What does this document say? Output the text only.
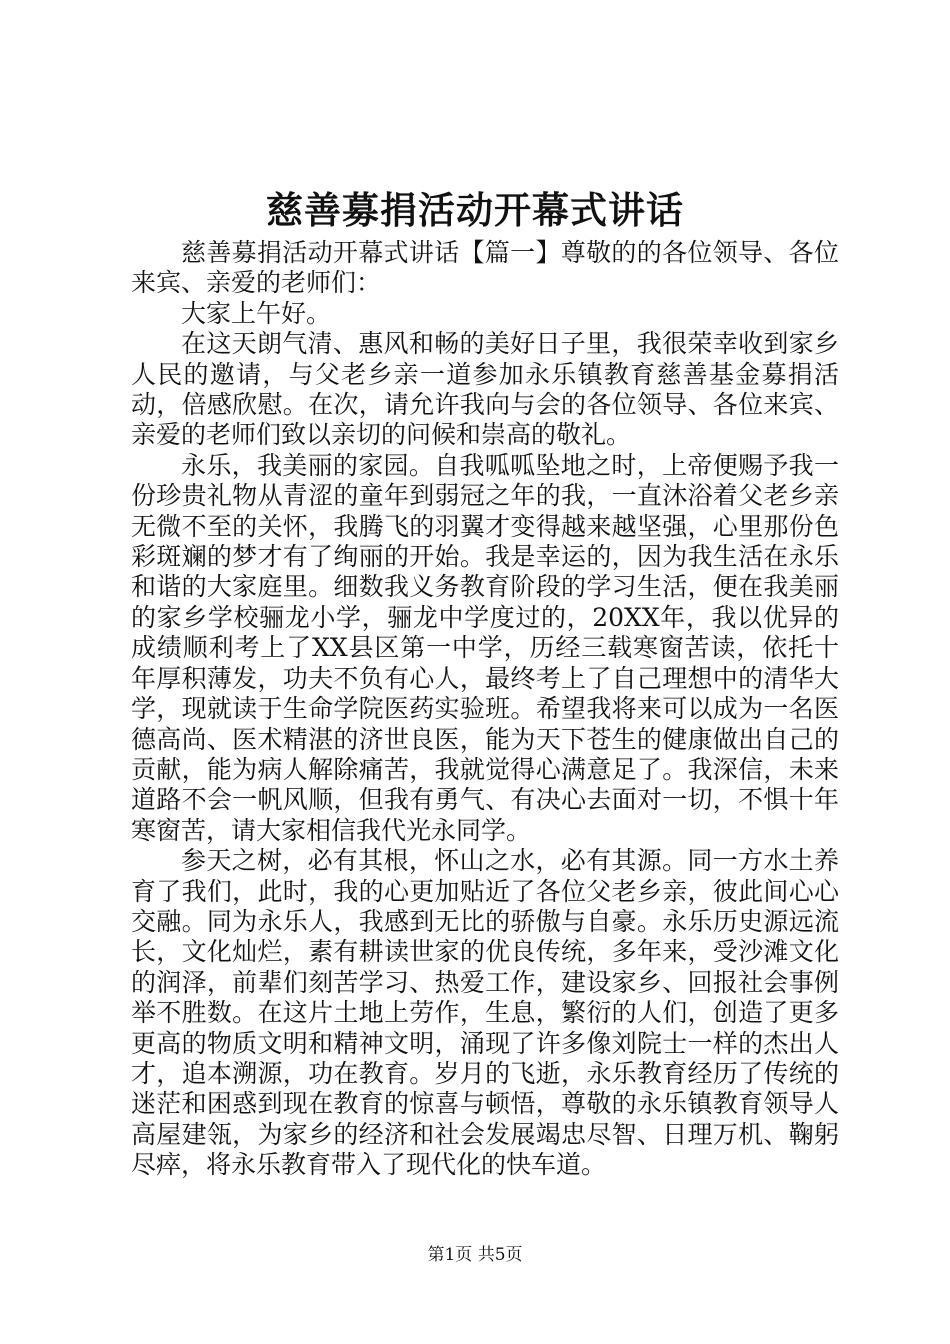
慈善募捐活动开幕式讲话

慈善募捐活动开幕式讲话【篇一】尊敬的的各位领导、各位来宾、亲爱的老师们：

大家上午好。

在这天朗气清、惠风和畅的美好日子里，我很荣幸收到家乡人民的邀请，与父老乡亲一道参加永乐镇教育慈善基金募捐活动，倍感欣慰。在次，请允许我向与会的各位领导、各位来宾、亲爱的老师们致以亲切的问候和崇高的敬礼。

永乐，我美丽的家园。自我呱呱坠地之时，上帝便赐予我一份珍贵礼物从青涩的童年到弱冠之年的我，一直沐浴着父老乡亲无微不至的关怀，我腾飞的羽翼才变得越来越坚强，心里那份色彩斑斓的梦才有了绚丽的开始。我是幸运的，因为我生活在永乐和谐的大家庭里。细数我义务教育阶段的学习生活，便在我美丽的家乡学校骊龙小学，骊龙中学度过的，20XX年，我以优异的成绩顺利考上了XX县区第一中学，历经三载寒窗苦读，依托十年厚积薄发，功夫不负有心人，最终考上了自己理想中的清华大学，现就读于生命学院医药实验班。希望我将来可以成为一名医德高尚、医术精湛的济世良医，能为天下苍生的健康做出自己的贡献，能为病人解除痛苦，我就觉得心满意足了。我深信，未来道路不会一帆风顺，但我有勇气、有决心去面对一切，不惧十年寒窗苦，请大家相信我代光永同学。

参天之树，必有其根，怀山之水，必有其源。同一方水土养育了我们，此时，我的心更加贴近了各位父老乡亲，彼此间心心交融。同为永乐人，我感到无比的骄傲与自豪。永乐历史源远流长，文化灿烂，素有耕读世家的优良传统，多年来，受沙滩文化的润泽，前辈们刻苦学习、热爱工作，建设家乡、回报社会事例举不胜数。在这片土地上劳作，生息，繁衍的人们，创造了更多更高的物质文明和精神文明，涌现了许多像刘院士一样的杰出人才，追本溯源，功在教育。岁月的飞逝，永乐教育经历了传统的迷茫和困惑到现在教育的惊喜与顿悟，尊敬的永乐镇教育领导人高屋建瓴，为家乡的经济和社会发展竭忠尽智、日理万机、鞠躬尽瘁，将永乐教育带入了现代化的快车道。

第1页 共5页
